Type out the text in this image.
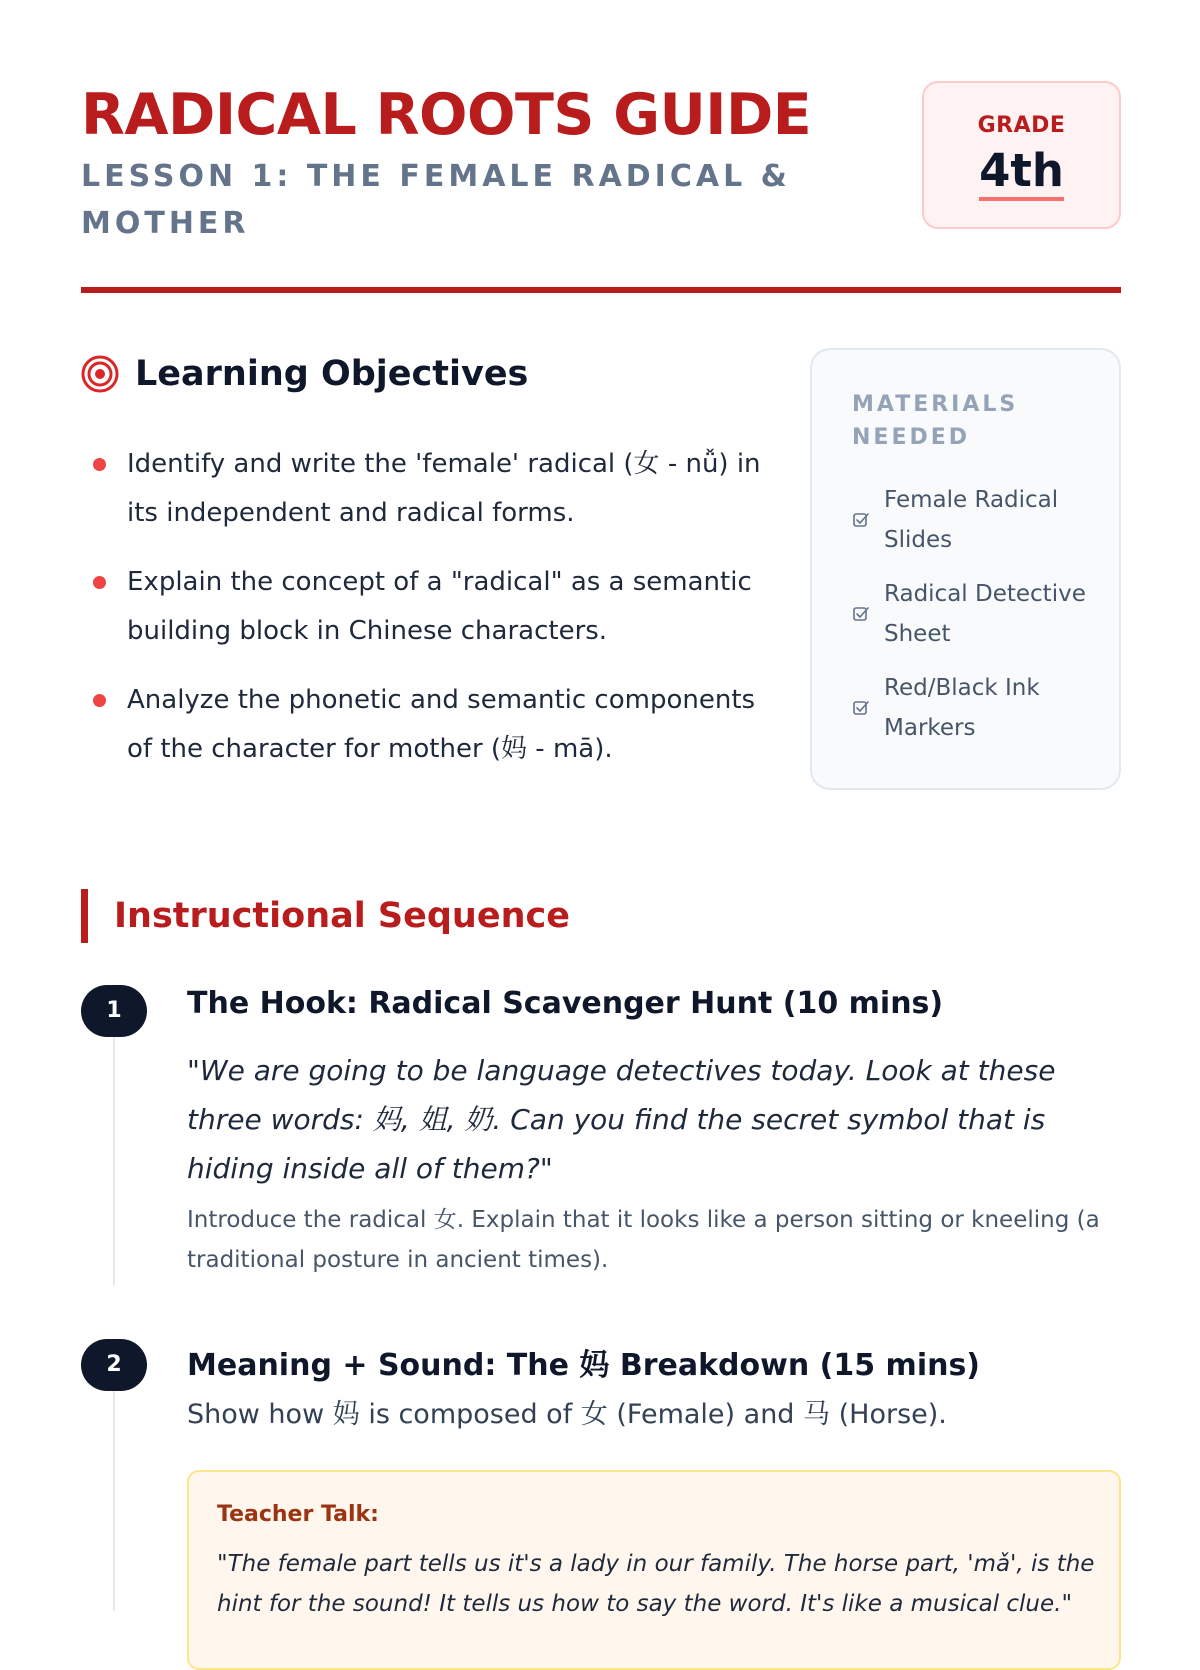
RADICAL ROOTS GUIDE
LESSON 1: THE FEMALE RADICAL & MOTHER
GRADE
4th
Learning Objectives
Identify and write the 'female' radical (女 - nǚ) in its independent and radical forms.
Explain the concept of a "radical" as a semantic building block in Chinese characters.
Analyze the phonetic and semantic components of the character for mother (妈 - mā).
MATERIALS NEEDED
Female Radical Slides
Radical Detective Sheet
Red/Black Ink Markers
Instructional Sequence
1	The Hook: Radical Scavenger Hunt (10 mins)
"We are going to be language detectives today. Look at these three words: 妈, 姐, 奶. Can you find the secret symbol that is hiding inside all of them?"
Introduce the radical 女. Explain that it looks like a person sitting or kneeling (a traditional posture in ancient times).
2	Meaning + Sound: The 妈 Breakdown (15 mins)
Show how 妈 is composed of 女 (Female) and 马 (Horse).
Teacher Talk:
"The female part tells us it's a lady in our family. The horse part, 'mǎ', is the hint for the sound! It tells us how to say the word. It's like a musical clue."
